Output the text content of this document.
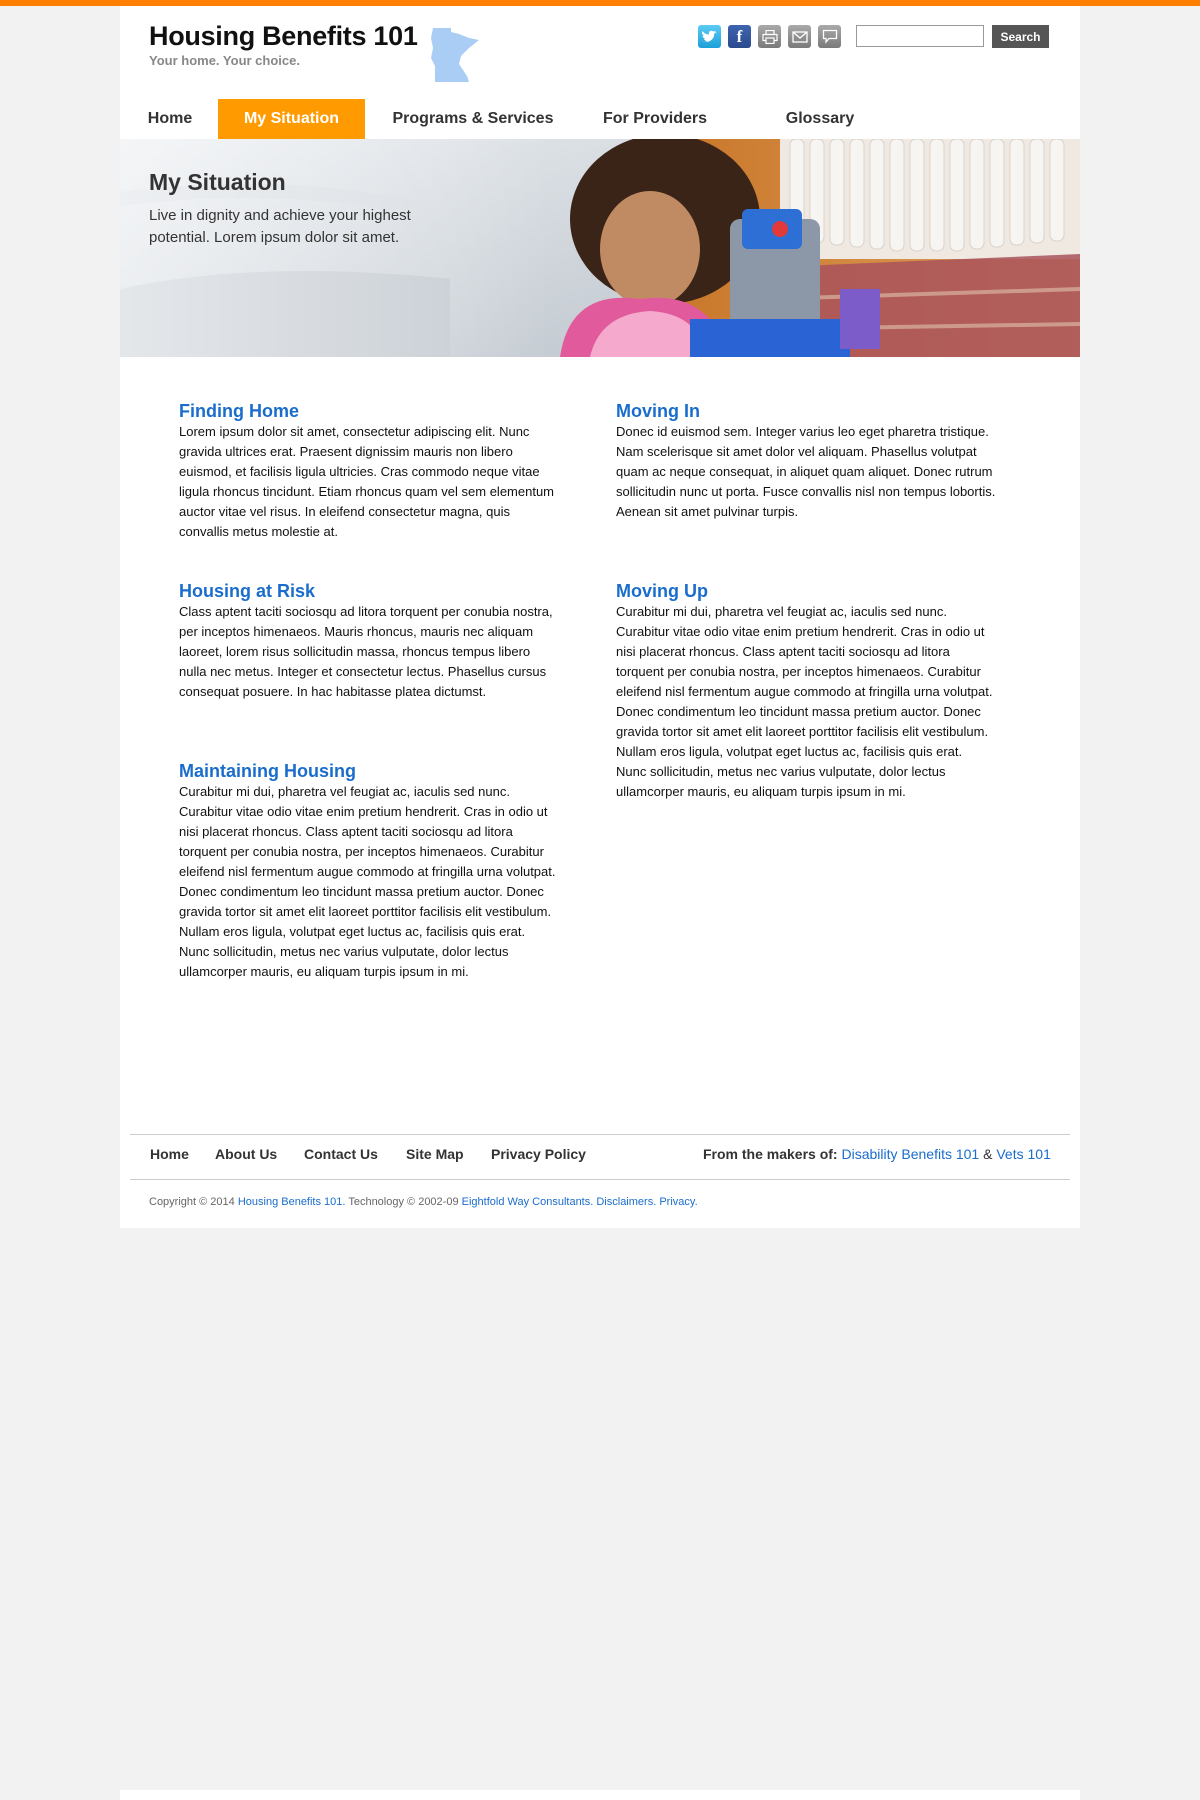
Housing Benefits 101
Your home. Your choice.
f	Search
Home	My Situation	Programs & Services	For Providers	Glossary
My Situation
Live in dignity and achieve your highest potential. Lorem ipsum dolor sit amet.
Finding Home

Lorem ipsum dolor sit amet, consectetur adipiscing elit. Nunc gravida ultrices erat. Praesent dignissim mauris non libero euismod, et facilisis ligula ultricies. Cras commodo neque vitae ligula rhoncus tincidunt. Etiam rhoncus quam vel sem elementum auctor vitae vel risus. In eleifend consectetur magna, quis convallis metus molestie at.

Moving In

Donec id euismod sem. Integer varius leo eget pharetra tristique. Nam scelerisque sit amet dolor vel aliquam. Phasellus volutpat quam ac neque consequat, in aliquet quam aliquet. Donec rutrum sollicitudin nunc ut porta. Fusce convallis nisl non tempus lobortis. Aenean sit amet pulvinar turpis.

Housing at Risk

Class aptent taciti sociosqu ad litora torquent per conubia nostra, per inceptos himenaeos. Mauris rhoncus, mauris nec aliquam laoreet, lorem risus sollicitudin massa, rhoncus tempus libero nulla nec metus. Integer et consectetur lectus. Phasellus cursus consequat posuere. In hac habitasse platea dictumst.

Moving Up

Curabitur mi dui, pharetra vel feugiat ac, iaculis sed nunc. Curabitur vitae odio vitae enim pretium hendrerit. Cras in odio ut nisi placerat rhoncus. Class aptent taciti sociosqu ad litora torquent per conubia nostra, per inceptos himenaeos. Curabitur eleifend nisl fermentum augue commodo at fringilla urna volutpat.

Donec condimentum leo tincidunt massa pretium auctor. Donec gravida tortor sit amet elit laoreet porttitor facilisis elit vestibulum. Nullam eros ligula, volutpat eget luctus ac, facilisis quis erat. Nunc sollicitudin, metus nec varius vulputate, dolor lectus ullamcorper mauris, eu aliquam turpis ipsum in mi.

Maintaining Housing

Curabitur mi dui, pharetra vel feugiat ac, iaculis sed nunc. Curabitur vitae odio vitae enim pretium hendrerit. Cras in odio ut nisi placerat rhoncus. Class aptent taciti sociosqu ad litora torquent per conubia nostra, per inceptos himenaeos. Curabitur eleifend nisl fermentum augue commodo at fringilla urna volutpat.

Donec condimentum leo tincidunt massa pretium auctor. Donec gravida tortor sit amet elit laoreet porttitor facilisis elit vestibulum. Nullam eros ligula, volutpat eget luctus ac, facilisis quis erat. Nunc sollicitudin, metus nec varius vulputate, dolor lectus ullamcorper mauris, eu aliquam turpis ipsum in mi.

Home About Us Contact Us Site Map Privacy Policy	From the makers of: Disability Benefits 101 & Vets 101
Copyright © 2014 Housing Benefits 101. Technology © 2002-09 Eightfold Way Consultants. Disclaimers. Privacy.
